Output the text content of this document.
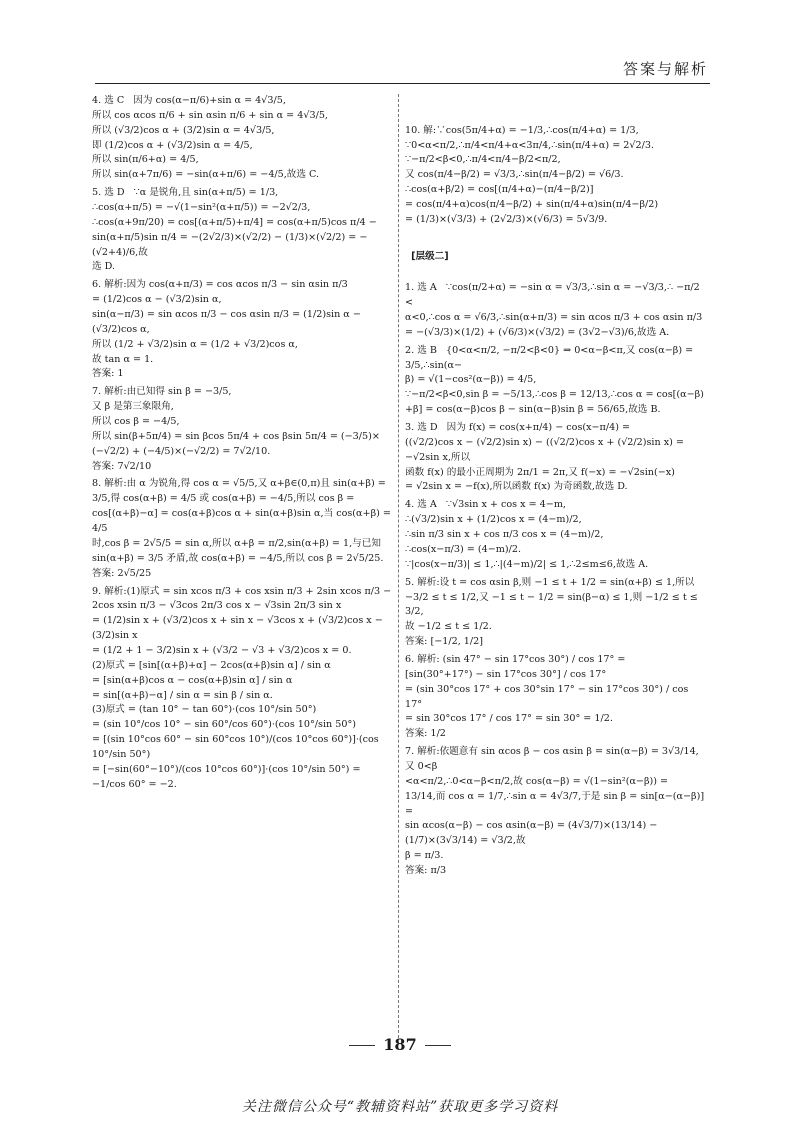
答案与解析
4. 选 C   因为 cos(α−π/6)+sin α = 4√3/5,
所以 cos αcos π/6 + sin αsin π/6 + sin α = 4√3/5,
所以 (√3/2)cos α + (3/2)sin α = 4√3/5,
即 (1/2)cos α + (√3/2)sin α = 4/5,
所以 sin(π/6+α) = 4/5,
所以 sin(α+7π/6) = −sin(α+π/6) = −4/5,故选 C.
5. 选 D   ∵α 是锐角,且 sin(α+π/5) = 1/3,
∴cos(α+π/5) = −√(1−sin²(α+π/5)) = −2√2/3,
∴cos(α+9π/20) = cos[(α+π/5)+π/4] = cos(α+π/5)cos π/4 −
sin(α+π/5)sin π/4 = −(2√2/3)×(√2/2) − (1/3)×(√2/2) = −(√2+4)/6,故
选 D.
6. 解析:因为 cos(α+π/3) = cos αcos π/3 − sin αsin π/3
= (1/2)cos α − (√3/2)sin α,
sin(α−π/3) = sin αcos π/3 − cos αsin π/3 = (1/2)sin α − (√3/2)cos α,
所以 (1/2 + √3/2)sin α = (1/2 + √3/2)cos α,
故 tan α = 1.
答案: 1
7. 解析:由已知得 sin β = −3/5,
又 β 是第三象限角,
所以 cos β = −4/5,
所以 sin(β+5π/4) = sin βcos 5π/4 + cos βsin 5π/4 = (−3/5)×
(−√2/2) + (−4/5)×(−√2/2) = 7√2/10.
答案: 7√2/10
8. 解析:由 α 为锐角,得 cos α = √5/5,又 α+β∈(0,π)且 sin(α+β) =
3/5,得 cos(α+β) = 4/5 或 cos(α+β) = −4/5,所以 cos β =
cos[(α+β)−α] = cos(α+β)cos α + sin(α+β)sin α,当 cos(α+β) = 4/5
时,cos β = 2√5/5 = sin α,所以 α+β = π/2,sin(α+β) = 1,与已知
sin(α+β) = 3/5 矛盾,故 cos(α+β) = −4/5,所以 cos β = 2√5/25.
答案: 2√5/25
9. 解析:(1)原式 = sin xcos π/3 + cos xsin π/3 + 2sin xcos π/3 −
2cos xsin π/3 − √3cos 2π/3 cos x − √3sin 2π/3 sin x
= (1/2)sin x + (√3/2)cos x + sin x − √3cos x + (√3/2)cos x − (3/2)sin x
= (1/2 + 1 − 3/2)sin x + (√3/2 − √3 + √3/2)cos x = 0.
(2)原式 = [sin[(α+β)+α] − 2cos(α+β)sin α] / sin α
= [sin(α+β)cos α − cos(α+β)sin α] / sin α
= sin[(α+β)−α] / sin α = sin β / sin α.
(3)原式 = (tan 10° − tan 60°)·(cos 10°/sin 50°)
= (sin 10°/cos 10° − sin 60°/cos 60°)·(cos 10°/sin 50°)
= [(sin 10°cos 60° − sin 60°cos 10°)/(cos 10°cos 60°)]·(cos 10°/sin 50°)
= [−sin(60°−10°)/(cos 10°cos 60°)]·(cos 10°/sin 50°) = −1/cos 60° = −2.

10. 解:∵cos(5π/4+α) = −1/3,∴cos(π/4+α) = 1/3,
∵0<α<π/2,∴π/4<π/4+α<3π/4,∴sin(π/4+α) = 2√2/3.
∵−π/2<β<0,∴π/4<π/4−β/2<π/2,
又 cos(π/4−β/2) = √3/3,∴sin(π/4−β/2) = √6/3.
∴cos(α+β/2) = cos[(π/4+α)−(π/4−β/2)]
= cos(π/4+α)cos(π/4−β/2) + sin(π/4+α)sin(π/4−β/2)
= (1/3)×(√3/3) + (2√2/3)×(√6/3) = 5√3/9.

[层级二]

1. 选 A   ∵cos(π/2+α) = −sin α = √3/3,∴sin α = −√3/3,∴ −π/2 <
α<0,∴cos α = √6/3,∴sin(α+π/3) = sin αcos π/3 + cos αsin π/3
= −(√3/3)×(1/2) + (√6/3)×(√3/2) = (3√2−√3)/6,故选 A.
2. 选 B   {0<α<π/2, −π/2<β<0} ⇒ 0<α−β<π,又 cos(α−β) = 3/5,∴sin(α−
β) = √(1−cos²(α−β)) = 4/5,
∵−π/2<β<0,sin β = −5/13,∴cos β = 12/13,∴cos α = cos[(α−β)
+β] = cos(α−β)cos β − sin(α−β)sin β = 56/65,故选 B.
3. 选 D   因为 f(x) = cos(x+π/4) − cos(x−π/4) =
((√2/2)cos x − (√2/2)sin x) − ((√2/2)cos x + (√2/2)sin x) = −√2sin x,所以
函数 f(x) 的最小正周期为 2π/1 = 2π,又 f(−x) = −√2sin(−x)
= √2sin x = −f(x),所以函数 f(x) 为奇函数,故选 D.
4. 选 A   ∵√3sin x + cos x = 4−m,
∴(√3/2)sin x + (1/2)cos x = (4−m)/2,
∴sin π/3 sin x + cos π/3 cos x = (4−m)/2,
∴cos(x−π/3) = (4−m)/2.
∵|cos(x−π/3)| ≤ 1,∴|(4−m)/2| ≤ 1,∴2≤m≤6,故选 A.
5. 解析:设 t = cos αsin β,则 −1 ≤ t + 1/2 = sin(α+β) ≤ 1,所以
−3/2 ≤ t ≤ 1/2,又 −1 ≤ t − 1/2 = sin(β−α) ≤ 1,则 −1/2 ≤ t ≤ 3/2,
故 −1/2 ≤ t ≤ 1/2.
答案: [−1/2, 1/2]
6. 解析: (sin 47° − sin 17°cos 30°) / cos 17° =
[sin(30°+17°) − sin 17°cos 30°] / cos 17°
= (sin 30°cos 17° + cos 30°sin 17° − sin 17°cos 30°) / cos 17°
= sin 30°cos 17° / cos 17° = sin 30° = 1/2.
答案: 1/2
7. 解析:依题意有 sin αcos β − cos αsin β = sin(α−β) = 3√3/14,又 0<β
<α<π/2,∴0<α−β<π/2,故 cos(α−β) = √(1−sin²(α−β)) =
13/14,而 cos α = 1/7,∴sin α = 4√3/7,于是 sin β = sin[α−(α−β)] =
sin αcos(α−β) − cos αsin(α−β) = (4√3/7)×(13/14) − (1/7)×(3√3/14) = √3/2,故
β = π/3.
答案: π/3

187
关注微信公众号“教辅资料站”获取更多学习资料
